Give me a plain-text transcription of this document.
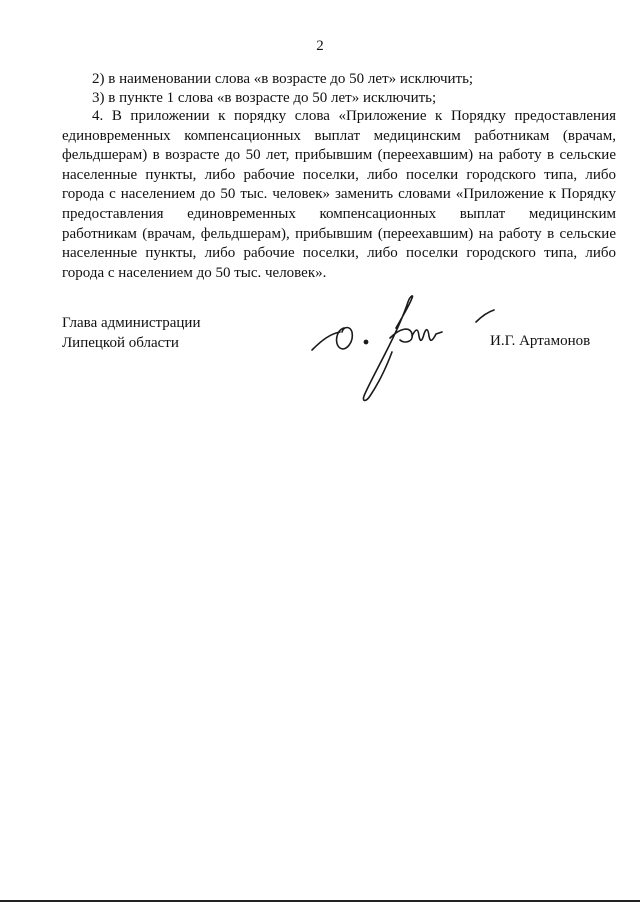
2
2) в наименовании слова «в возрасте до 50 лет» исключить;
3) в пункте 1 слова «в возрасте до 50 лет» исключить;
4. В приложении к порядку слова «Приложение к Порядку предоставления
единовременных компенсационных выплат медицинским работникам (врачам,
фельдшерам) в возрасте до 50 лет, прибывшим (переехавшим) на работу в сельские
населенные пункты, либо рабочие поселки, либо поселки городского типа, либо
города с населением до 50 тыс. человек» заменить словами «Приложение к Порядку
предоставления единовременных компенсационных выплат медицинским
работникам (врачам, фельдшерам), прибывшим (переехавшим) на работу в сельские
населенные пункты, либо рабочие поселки, либо поселки городского типа, либо
города с населением до 50 тыс. человек».
Глава администрации
Липецкой области	И.Г. Артамонов
